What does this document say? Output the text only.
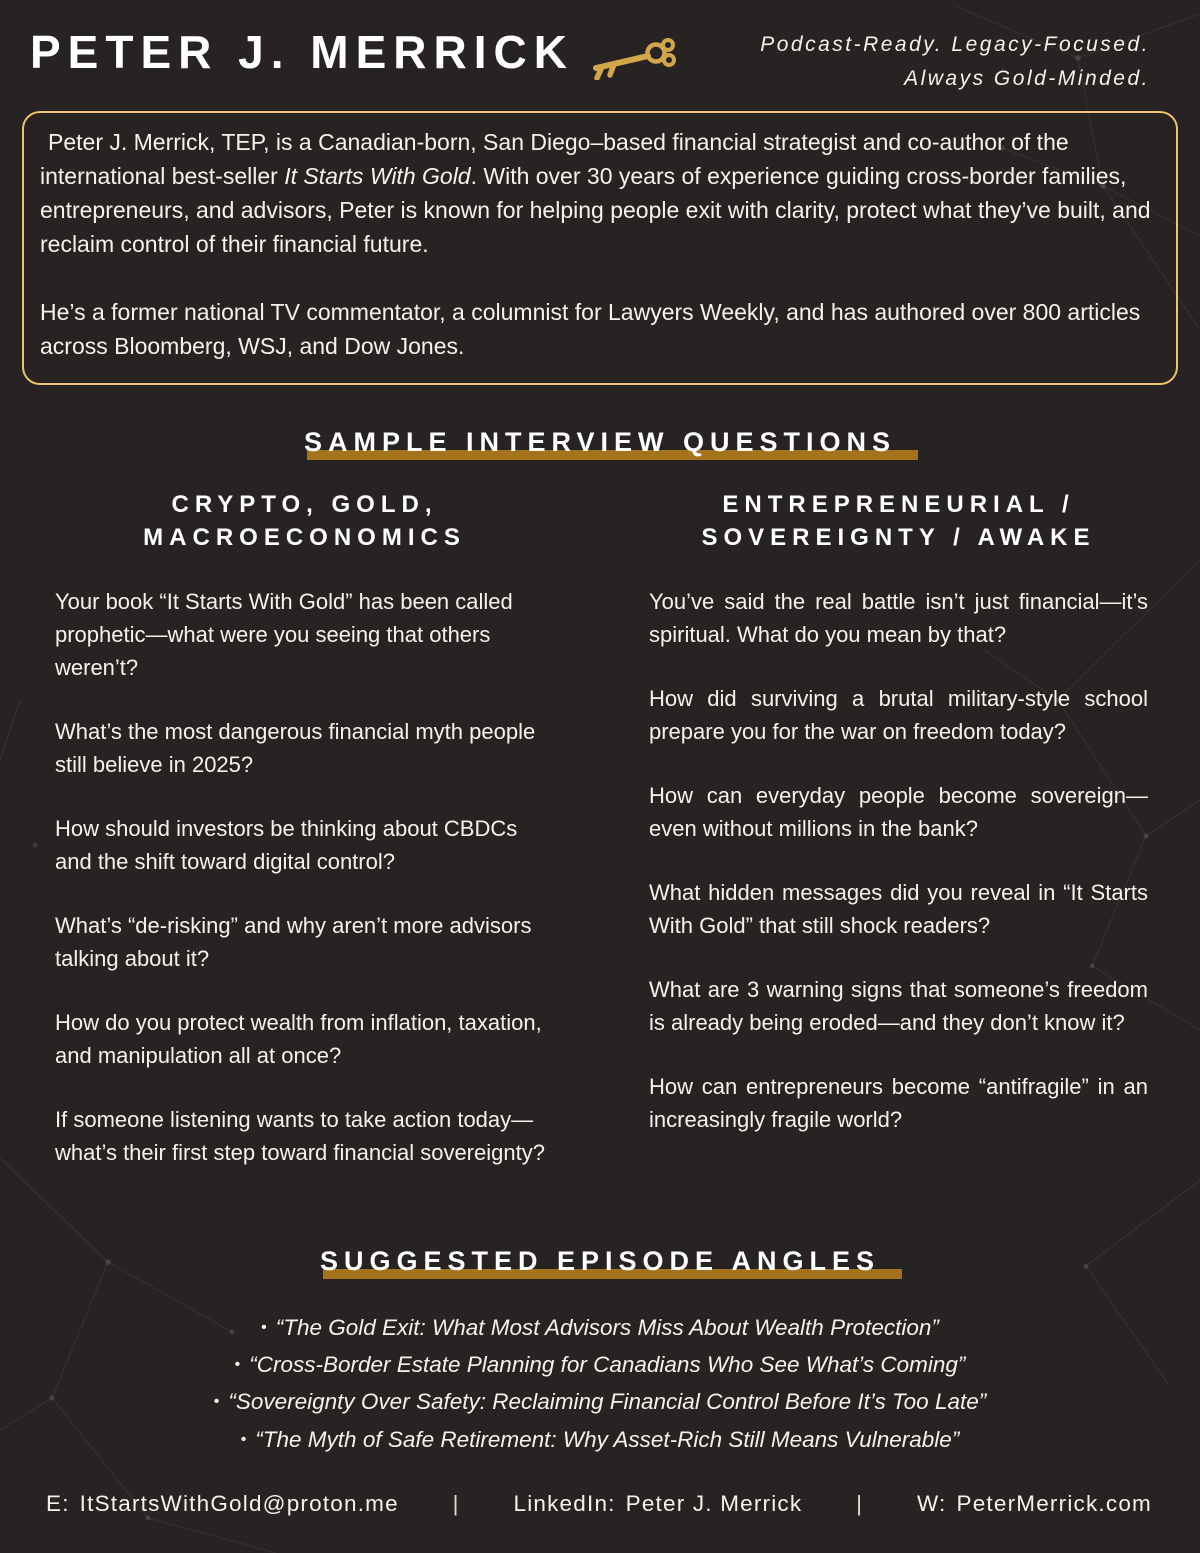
PETER J. MERRICK	Podcast-Ready. Legacy-Focused.
Always Gold-Minded.

Peter J. Merrick, TEP, is a Canadian-born, San Diego–based financial strategist and co-author of the international best-seller It Starts With Gold. With over 30 years of experience guiding cross-border families, entrepreneurs, and advisors, Peter is known for helping people exit with clarity, protect what they’ve built, and reclaim control of their financial future.

He’s a former national TV commentator, a columnist for Lawyers Weekly, and has authored over 800 articles across Bloomberg, WSJ, and Dow Jones.

SAMPLE INTERVIEW QUESTIONS
CRYPTO, GOLD,
MACROECONOMICS

Your book “It Starts With Gold” has been called prophetic—what were you seeing that others weren’t?

What’s the most dangerous financial myth people still believe in 2025?

How should investors be thinking about CBDCs and the shift toward digital control?

What’s “de-risking” and why aren’t more advisors talking about it?

How do you protect wealth from inflation, taxation, and manipulation all at once?

If someone listening wants to take action today—what’s their first step toward financial sovereignty?

ENTREPRENEURIAL /
SOVEREIGNTY / AWAKE

You’ve said the real battle isn’t just financial—it’s spiritual. What do you mean by that?

How did surviving a brutal military-style school prepare you for the war on freedom today?

How can everyday people become sovereign—even without millions in the bank?

What hidden messages did you reveal in “It Starts With Gold” that still shock readers?

What are 3 warning signs that someone’s freedom is already being eroded—and they don’t know it?

How can entrepreneurs become “antifragile” in an increasingly fragile world?

SUGGESTED EPISODE ANGLES
• “The Gold Exit: What Most Advisors Miss About Wealth Protection”
• “Cross-Border Estate Planning for Canadians Who See What’s Coming”
• “Sovereignty Over Safety: Reclaiming Financial Control Before It’s Too Late”
• “The Myth of Safe Retirement: Why Asset-Rich Still Means Vulnerable”
E: ItStartsWithGold@proton.me | LinkedIn: Peter J. Merrick | W: PeterMerrick.com
